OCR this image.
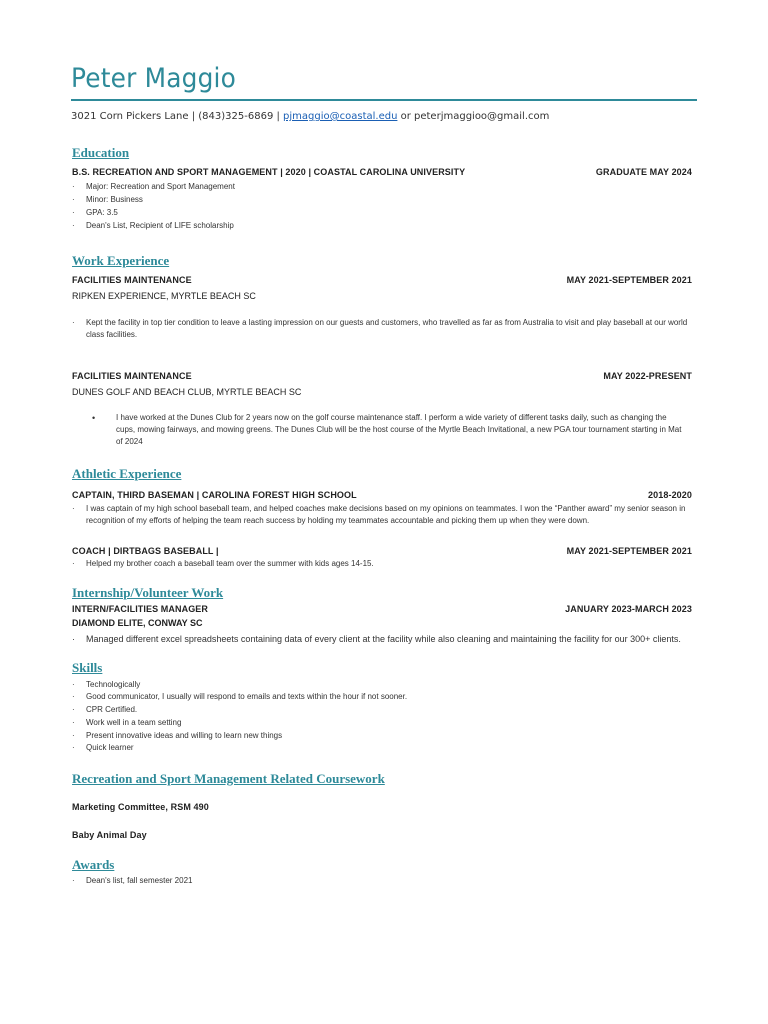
Peter Maggio
3021 Corn Pickers Lane | (843)325-6869 | pjmaggio@coastal.edu or peterjmaggioo@gmail.com
Education
B.S. RECREATION AND SPORT MANAGEMENT | 2020 | COASTAL CAROLINA UNIVERSITY	GRADUATE MAY 2024
·	Major: Recreation and Sport Management
·	Minor: Business
·	GPA: 3.5
·	Dean's List, Recipient of LIFE scholarship
Work Experience
FACILITIES MAINTENANCE	MAY 2021-SEPTEMBER 2021
RIPKEN EXPERIENCE, MYRTLE BEACH SC
·	Kept the facility in top tier condition to leave a lasting impression on our guests and customers, who travelled as far as from Australia to visit and play baseball at our world class facilities.
FACILITIES MAINTENANCE	MAY 2022-PRESENT
DUNES GOLF AND BEACH CLUB, MYRTLE BEACH SC
•	I have worked at the Dunes Club for 2 years now on the golf course maintenance staff. I perform a wide variety of different tasks daily, such as changing the cups, mowing fairways, and mowing greens. The Dunes Club will be the host course of the Myrtle Beach Invitational, a new PGA tour tournament starting in Mat of 2024
Athletic Experience
CAPTAIN, THIRD BASEMAN | CAROLINA FOREST HIGH SCHOOL	2018-2020
·	I was captain of my high school baseball team, and helped coaches make decisions based on my opinions on teammates. I won the “Panther award” my senior season in recognition of my efforts of helping the team reach success by holding my teammates accountable and picking them up when they were down.
COACH | DIRTBAGS BASEBALL |	MAY 2021-SEPTEMBER 2021
·	Helped my brother coach a baseball team over the summer with kids ages 14-15.
Internship/Volunteer Work
INTERN/FACILITIES MANAGER	JANUARY 2023-MARCH 2023
DIAMOND ELITE, CONWAY SC
·	Managed different excel spreadsheets containing data of every client at the facility while also cleaning and maintaining the facility for our 300+ clients.
Skills
·	Technologically
·	Good communicator, I usually will respond to emails and texts within the hour if not sooner.
·	CPR Certified.
·	Work well in a team setting
·	Present innovative ideas and willing to learn new things
·	Quick learner
Recreation and Sport Management Related Coursework
Marketing Committee, RSM 490
Baby Animal Day
Awards
·	Dean's list, fall semester 2021
